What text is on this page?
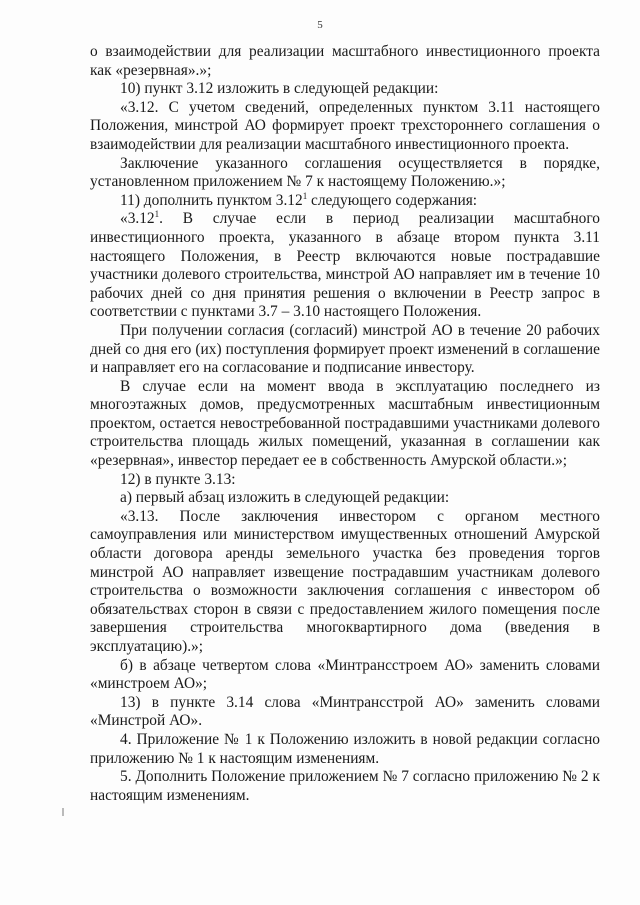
5

о взаимодействии для реализации масштабного инвестиционного проекта как «резервная».»;

10) пункт 3.12 изложить в следующей редакции:

«3.12. С учетом сведений, определенных пунктом 3.11 настоящего Положения, минстрой АО формирует проект трехстороннего соглашения о взаимодействии для реализации масштабного инвестиционного проекта.

Заключение указанного соглашения осуществляется в порядке, установленном приложением № 7 к настоящему Положению.»;

11) дополнить пунктом 3.12$^1$ следующего содержания:

«3.12$^1$. В случае если в период реализации масштабного инвестиционного проекта, указанного в абзаце втором пункта 3.11 настоящего Положения, в Реестр включаются новые пострадавшие участники долевого строительства, минстрой АО направляет им в течение 10 рабочих дней со дня принятия решения о включении в Реестр запрос в соответствии с пунктами 3.7 – 3.10 настоящего Положения.

При получении согласия (согласий) минстрой АО в течение 20 рабочих дней со дня его (их) поступления формирует проект изменений в соглашение и направляет его на согласование и подписание инвестору.

В случае если на момент ввода в эксплуатацию последнего из многоэтажных домов, предусмотренных масштабным инвестиционным проектом, остается невостребованной пострадавшими участниками долевого строительства площадь жилых помещений, указанная в соглашении как «резервная», инвестор передает ее в собственность Амурской области.»;

12) в пункте 3.13:

а) первый абзац изложить в следующей редакции:

«3.13. После заключения инвестором с органом местного самоуправления или министерством имущественных отношений Амурской области договора аренды земельного участка без проведения торгов минстрой АО направляет извещение пострадавшим участникам долевого строительства о возможности заключения соглашения с инвестором об обязательствах сторон в связи с предоставлением жилого помещения после завершения строительства многоквартирного дома (введения в эксплуатацию).»;

б) в абзаце четвертом слова «Минтрансстроем АО» заменить словами «минстроем АО»;

13) в пункте 3.14 слова «Минтрансстрой АО» заменить словами «Минстрой АО».

4. Приложение № 1 к Положению изложить в новой редакции согласно приложению № 1 к настоящим изменениям.

5. Дополнить Положение приложением № 7 согласно приложению № 2 к настоящим изменениям.
